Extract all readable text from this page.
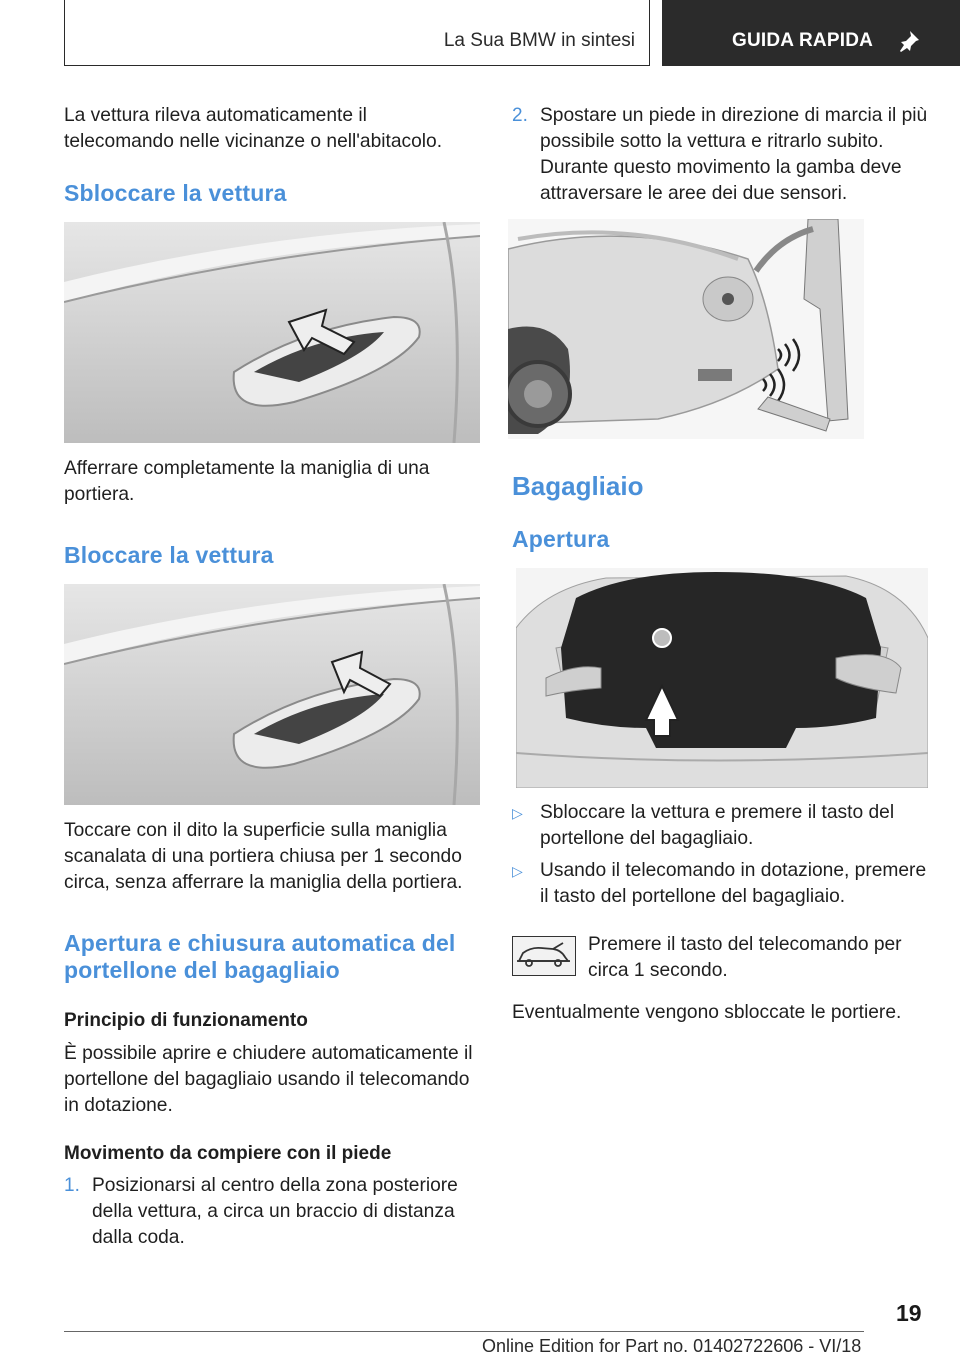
La Sua BMW in sintesi	GUIDA RAPIDA

La vettura rileva automaticamente il telecomando nelle vicinanze o nell'abitacolo.

Sbloccare la vettura

Afferrare completamente la maniglia di una portiera.

Bloccare la vettura

Toccare con il dito la superficie sulla maniglia scanalata di una portiera chiusa per 1 secondo circa, senza afferrare la maniglia della portiera.

Apertura e chiusura automatica del
portellone del bagagliaio
Principio di funzionamento

È possibile aprire e chiudere automaticamente il portellone del bagagliaio usando il telecomando in dotazione.

Movimento da compiere con il piede
1. Posizionarsi al centro della zona posteriore della vettura, a circa un braccio di distanza dalla coda.

2. Spostare un piede in direzione di marcia il più possibile sotto la vettura e ritrarlo subito. Durante questo movimento la gamba deve attraversare le aree dei due sensori.

Bagagliaio
Apertura
▷ Sbloccare la vettura e premere il tasto del portellone del bagagliaio.

▷ Usando il telecomando in dotazione, premere il tasto del portellone del bagagliaio.

Premere il tasto del telecomando per circa 1 secondo.

Eventualmente vengono sbloccate le portiere.

19
Online Edition for Part no. 01402722606 - VI/18
